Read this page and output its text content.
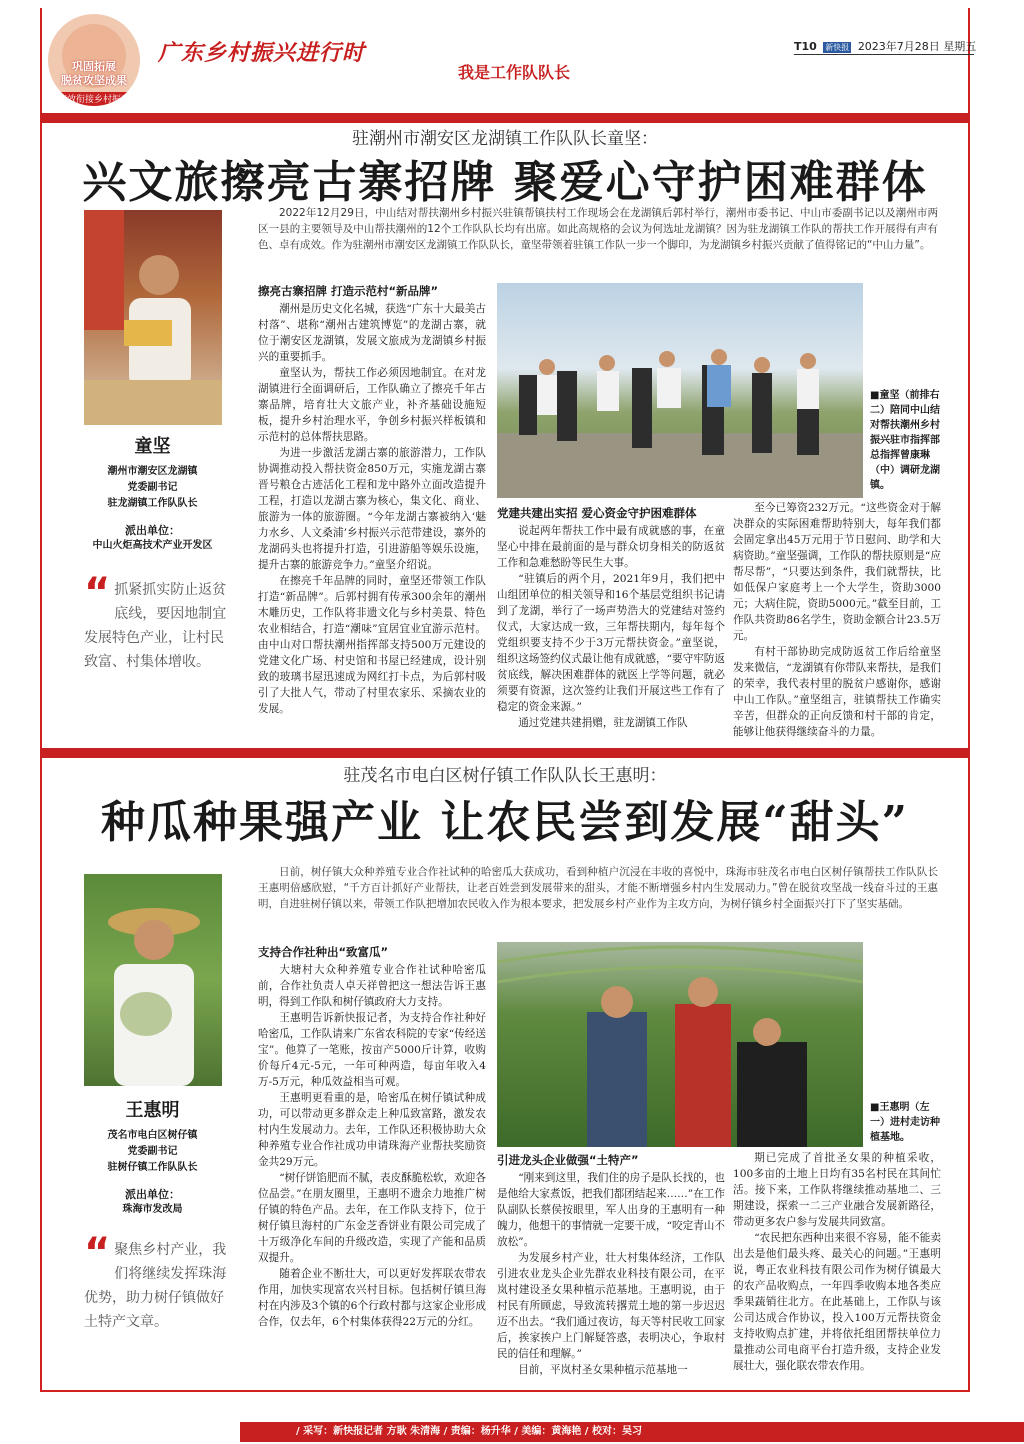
巩固拓展
脱贫攻坚成果
有效衔接乡村振兴
广东乡村振兴进行时
我是工作队队长
T10 新快报 2023年7月28日 星期五
驻潮州市潮安区龙湖镇工作队队长童坚：
兴文旅擦亮古寨招牌 聚爱心守护困难群体
童坚
潮州市潮安区龙湖镇
党委副书记
驻龙湖镇工作队队长
派出单位：
中山火炬高技术产业开发区
“ 抓紧抓实防止返贫底线，要因地制宜发展特色产业，让村民致富、村集体增收。

2022年12月29日，中山结对帮扶潮州乡村振兴驻镇帮镇扶村工作现场会在龙湖镇后郭村举行，潮州市委书记、中山市委副书记以及潮州市两区一县的主要领导及中山帮扶潮州的12个工作队队长均有出席。如此高规格的会议为何选址龙湖镇？因为驻龙湖镇工作队的帮扶工作开展得有声有色、卓有成效。作为驻潮州市潮安区龙湖镇工作队队长，童坚带领着驻镇工作队一步一个脚印，为龙湖镇乡村振兴贡献了值得铭记的“中山力量”。

擦亮古寨招牌 打造示范村“新品牌”

潮州是历史文化名城，获选“广东十大最美古村落”、堪称“潮州古建筑博览”的龙湖古寨，就位于潮安区龙湖镇，发展文旅成为龙湖镇乡村振兴的重要抓手。

童坚认为，帮扶工作必须因地制宜。在对龙湖镇进行全面调研后，工作队确立了擦亮千年古寨品牌，培育壮大文旅产业，补齐基础设施短板，提升乡村治理水平，争创乡村振兴样板镇和示范村的总体帮扶思路。

为进一步激活龙湖古寨的旅游潜力，工作队协调推动投入帮扶资金850万元，实施龙湖古寨晋号粮仓古迹活化工程和龙中路外立面改造提升工程，打造以龙湖古寨为核心，集文化、商业、旅游为一体的旅游圈。“今年龙湖古寨被纳入‘魅力水乡、人文桑浦’乡村振兴示范带建设，寨外的龙湖码头也将提升打造，引进游船等娱乐设施，提升古寨的旅游竞争力。”童坚介绍说。

在擦亮千年品牌的同时，童坚还带领工作队打造“新品牌”。后郭村拥有传承300余年的潮州木雕历史，工作队将非遗文化与乡村美景、特色农业相结合，打造“潮味”宜居宜业宜游示范村。由中山对口帮扶潮州指挥部支持500万元建设的党建文化广场、村史馆和书屋已经建成，设计别致的玻璃书屋迅速成为网红打卡点，为后郭村吸引了大批人气，带动了村里农家乐、采摘农业的发展。

■童坚（前排右二）陪同中山结对帮扶潮州乡村振兴驻市指挥部总指挥曾康琳（中）调研龙湖镇。
党建共建出实招 爱心资金守护困难群体

说起两年帮扶工作中最有成就感的事，在童坚心中排在最前面的是与群众切身相关的防返贫工作和急难愁盼等民生大事。

“驻镇后的两个月，2021年9月，我们把中山组团单位的相关领导和16个基层党组织书记请到了龙湖，举行了一场声势浩大的党建结对签约仪式，大家达成一致，三年帮扶期内，每年每个党组织要支持不少于3万元帮扶资金。”童坚说，组织这场签约仪式最让他有成就感，“要守牢防返贫底线，解决困难群体的就医上学等问题，就必须要有资源，这次签约让我们开展这些工作有了稳定的资金来源。”

通过党建共建捐赠，驻龙湖镇工作队

至今已筹资232万元。“这些资金对于解决群众的实际困难帮助特别大，每年我们都会固定拿出45万元用于节日慰问、助学和大病资助。”童坚强调，工作队的帮扶原则是“应帮尽帮”，“只要达到条件，我们就帮扶，比如低保户家庭考上一个大学生，资助3000元；大病住院，资助5000元。”截至目前，工作队共资助86名学生，资助金额合计23.5万元。

有村干部协助完成防返贫工作后给童坚发来微信，“龙湖镇有你带队来帮扶，是我们的荣幸，我代表村里的脱贫户感谢你，感谢中山工作队。”童坚组言，驻镇帮扶工作确实辛苦，但群众的正向反馈和村干部的肯定，能够让他获得继续奋斗的力量。

驻茂名市电白区树仔镇工作队队长王惠明：
种瓜种果强产业 让农民尝到发展“甜头”
王惠明
茂名市电白区树仔镇
党委副书记
驻树仔镇工作队队长
派出单位：
珠海市发改局
“ 聚焦乡村产业，我们将继续发挥珠海优势，助力树仔镇做好土特产文章。

日前，树仔镇大众种养殖专业合作社试种的哈密瓜大获成功，看到种植户沉浸在丰收的喜悦中，珠海市驻茂名市电白区树仔镇帮扶工作队队长王惠明倍感欣慰，“千方百计抓好产业帮扶，让老百姓尝到发展带来的甜头，才能不断增强乡村内生发展动力。”曾在脱贫攻坚战一线奋斗过的王惠明，自进驻树仔镇以来，带领工作队把增加农民收入作为根本要求，把发展乡村产业作为主攻方向，为树仔镇乡村全面振兴打下了坚实基础。

支持合作社种出“致富瓜”

大塘村大众种养殖专业合作社试种哈密瓜前，合作社负责人卓天祥曾把这一想法告诉王惠明，得到工作队和树仔镇政府大力支持。

王惠明告诉新快报记者，为支持合作社种好哈密瓜，工作队请来广东省农科院的专家“传经送宝”。他算了一笔账，按亩产5000斤计算，收购价每斤4元-5元，一年可种两造，每亩年收入4万-5万元，种瓜效益相当可观。

王惠明更看重的是，哈密瓜在树仔镇试种成功，可以带动更多群众走上种瓜致富路，激发农村内生发展动力。去年，工作队还积极协助大众种养殖专业合作社成功申请珠海产业帮扶奖励资金共29万元。

“树仔饼馅肥而不腻，表皮酥脆松软，欢迎各位品尝。”在朋友圈里，王惠明不遗余力地推广树仔镇的特色产品。去年，在工作队支持下，位于树仔镇旦海村的广东金芝香饼业有限公司完成了十万级净化车间的升级改造，实现了产能和品质双提升。

随着企业不断壮大，可以更好发挥联农带农作用，加快实现富农兴村目标。包括树仔镇旦海村在内涉及3个镇的6个行政村都与这家企业形成合作，仅去年，6个村集体获得22万元的分红。

■王惠明（左一）进村走访种植基地。
引进龙头企业做强“土特产”

“刚来到这里，我们住的房子是队长找的，也是他给大家煮饭，把我们都团结起来……”在工作队副队长蔡侯按眼里，军人出身的王惠明有一种魄力，他想干的事情就一定要干成，“咬定青山不放松”。

为发展乡村产业，壮大村集体经济，工作队引进农业龙头企业先群农业科技有限公司，在平岚村建设圣女果种植示范基地。王惠明说，由于村民有所顾虑，导致流转撂荒土地的第一步迟迟迈不出去。“我们通过夜访，每天等村民收工回家后，挨家挨户上门解疑答惑，表明决心，争取村民的信任和理解。”

目前，平岚村圣女果种植示范基地一

期已完成了首批圣女果的种植采收，100多亩的土地上日均有35名村民在其间忙活。接下来，工作队将继续推动基地二、三期建设，探索一二三产业融合发展新路径，带动更多农户参与发展共同致富。

“农民把东西种出来很不容易，能不能卖出去是他们最头疼、最关心的问题。”王惠明说，粤正农业科技有限公司作为树仔镇最大的农产品收购点，一年四季收购本地各类应季果蔬销往北方。在此基础上，工作队与该公司达成合作协议，投入100万元帮扶资金支持收购点扩建，并将依托组团帮扶单位力量推动公司电商平台打造升级，支持企业发展壮大，强化联农带农作用。

/ 采写：新快报记者 方耿 朱清海 / 责编：杨升华 / 美编：黄海艳 / 校对：吴习
